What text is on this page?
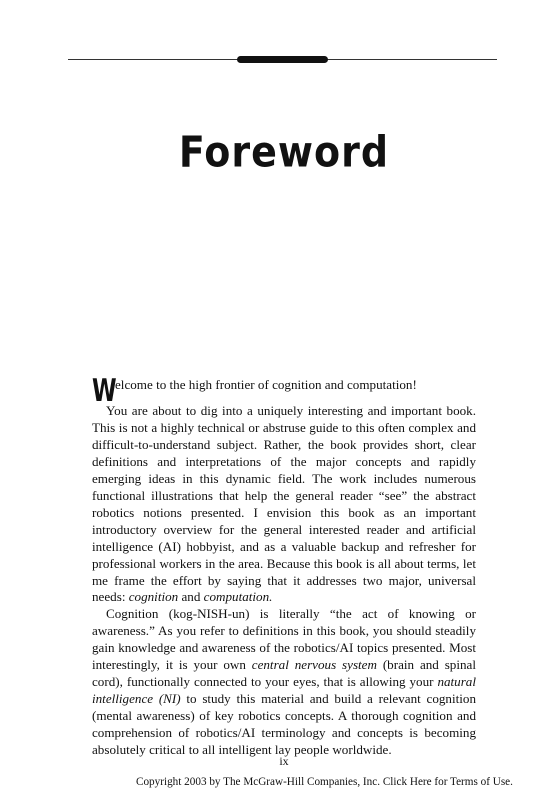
Foreword

Welcome to the high frontier of cognition and computation!

You are about to dig into a uniquely interesting and important book. This is not a highly technical or abstruse guide to this often complex and difficult-to-understand subject. Rather, the book provides short, clear definitions and interpretations of the major concepts and rapidly emerging ideas in this dynamic field. The work includes numerous functional illustrations that help the general reader “see” the abstract robotics notions presented. I envision this book as an important introductory overview for the general interested reader and artificial intelligence (AI) hobbyist, and as a valuable backup and refresher for professional workers in the area. Because this book is all about terms, let me frame the effort by saying that it addresses two major, universal needs: cognition and computation.

Cognition (kog-NISH-un) is literally “the act of knowing or awareness.” As you refer to definitions in this book, you should steadily gain knowledge and awareness of the robotics/AI topics presented. Most interestingly, it is your own central nervous system (brain and spinal cord), functionally connected to your eyes, that is allowing your natural intelligence (NI) to study this material and build a relevant cognition (mental awareness) of key robotics concepts. A thorough cognition and comprehension of robotics/AI terminology and concepts is becoming absolutely critical to all intelligent lay people worldwide.

ix
Copyright 2003 by The McGraw-Hill Companies, Inc. Click Here for Terms of Use.
